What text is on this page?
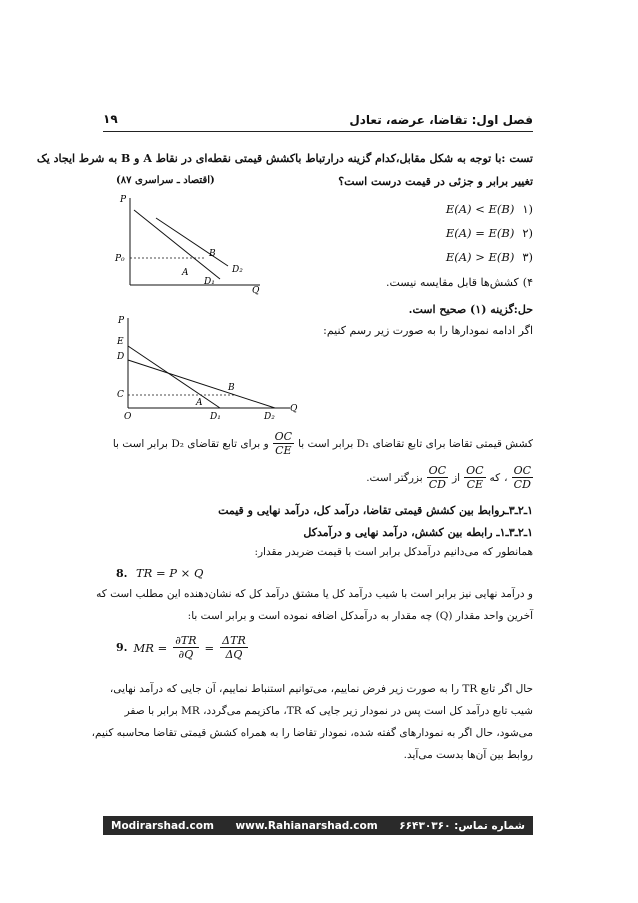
فصل اول: تقاضا، عرضه، تعادل
۱۹
تست :با توجه به شکل مقابل،کدام گزینه درارتباط باکشش قیمتی نقطه‌ای در نقاط A و B به شرط ایجاد یک
تغییر برابر و جزئی در قیمت درست است؟
(اقتصاد ـ سراسری ۸۷)
۱)
E(A) < E(B)
۲)
E(A) = E(B)
۳)
E(A) > E(B)
۴)
کشش‌ها قابل مقایسه نیست.
P
P₀
Q
A
B
D₁
D₂
حل:گزینه (۱) صحیح است.
اگر ادامه نمودارها را به صورت زیر رسم کنیم:
P
E
D
C
O
A
B
D₁	D₂
Q
کشش قیمتی تقاضا برای تابع تقاضای D₁ برابر است با
$\frac{OC}{CE}$
و برای تابع تقاضای D₂ برابر است با
$\frac{OC}{CD}$
،
که
$\frac{OC}{CE}$
از
$\frac{OC}{CD}$
بزرگتر است.
۱ـ۲ـ۳ـروابط بین کشش قیمتی تقاضا، درآمد کل، درآمد نهایی و قیمت
۱ـ۲ـ۳ـ۱ـ رابطه بین کشش، درآمد نهایی و درآمدکل
همانطور که می‌دانیم درآمدکل برابر است با قیمت ضربدر مقدار:
8. TR = P × Q
و درآمد نهایی نیز برابر است با شیب درآمد کل یا مشتق درآمد کل که نشان‌دهنده این مطلب است که
آخرین واحد مقدار (Q) چه مقدار به درآمدکل اضافه نموده است و برابر است با:
9. MR = $\frac{\partial TR}{\partial Q} = \frac{\text{ΔTR}}{\Delta Q}$
حال اگر تابع TR را به صورت زیر فرض نماییم، می‌توانیم استنباط نماییم، آن جایی که درآمد نهایی،
شیب تابع درآمد کل است پس در نمودار زیر جایی که TR، ماکزیمم می‌گردد، MR برابر با صفر
می‌شود، حال اگر به نمودارهای گفته شده، نمودار تقاضا را به همراه کشش قیمتی تقاضا محاسبه کنیم،
روابط بین آن‌ها بدست می‌آید.
Modirarshad.com www.Rahianarshad.com شماره تماس: ۶۶۴۳۰۳۶۰
